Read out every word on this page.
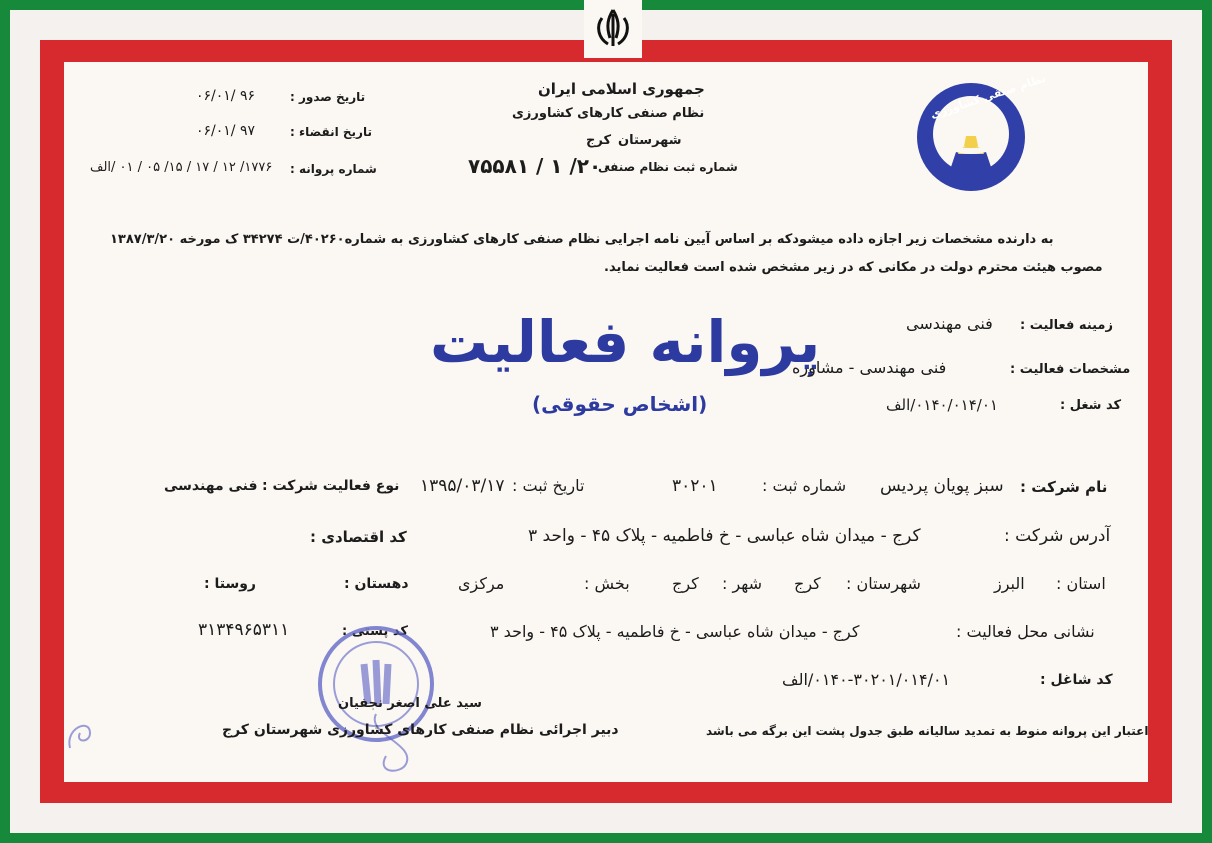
نظام صنفی کشاورزی
جمهوری اسلامی ایران
نظام صنفی کارهای کشاورزی
شهرستان
کرج
شماره ثبت نظام صنفی
۲۰۰/ ۱ / ۷۵۵۸۱
تاریخ صدور :
۹۶ /۰۶/۰۱
تاریخ انقضاء :
۹۷ /۰۶/۰۱
شماره پروانه :
۱۷۷۶/ ۱۲ / ۱۷ / ۱۵/ ۰۵ / ۰۱ /الف
به دارنده مشخصات زیر اجازه داده میشودکه بر اساس آیین نامه اجرایی نظام صنفی کارهای کشاورزی به شماره۴۰۲۶۰/ت ۳۴۲۷۴ ک مورخه ۱۳۸۷/۳/۲۰
مصوب هیئت محترم دولت در مکانی که در زیر مشخص شده است فعالیت نماید.
پروانه فعالیت
(اشخاص حقوقی)
زمینه فعالیت :
فنی مهندسی
مشخصات فعالیت :
فنی مهندسی - مشاوره
کد شغل :
۰۱۴۰/۰۱۴/۰۱/الف
نام شرکت :
سبز پویان پردیس
شماره ثبت :
۳۰۲۰۱
تاریخ ثبت :
۱۳۹۵/۰۳/۱۷
نوع فعالیت شرکت :
فنی مهندسی
آدرس شرکت :
کرج - میدان شاه عباسی - خ فاطمیه - پلاک ۴۵ - واحد ۳
کد اقتصادی :
استان :
البرز
شهرستان :
کرج
شهر :
کرج
بخش :
مرکزی
دهستان :
روستا :
نشانی محل فعالیت :
کرج - میدان شاه عباسی - خ فاطمیه - پلاک ۴۵ - واحد ۳
کد پستی :
۳۱۳۴۹۶۵۳۱۱
کد شاغل :
۰۱۴۰-۳۰۲۰۱/۰۱۴/۰۱/الف
اعتبار این پروانه منوط به تمدید سالیانه طبق جدول پشت این برگه می باشد
سید علی اصغر نجفیان
دبیر اجرائی نظام صنفی کارهای کشاورزی شهرستان کرج
